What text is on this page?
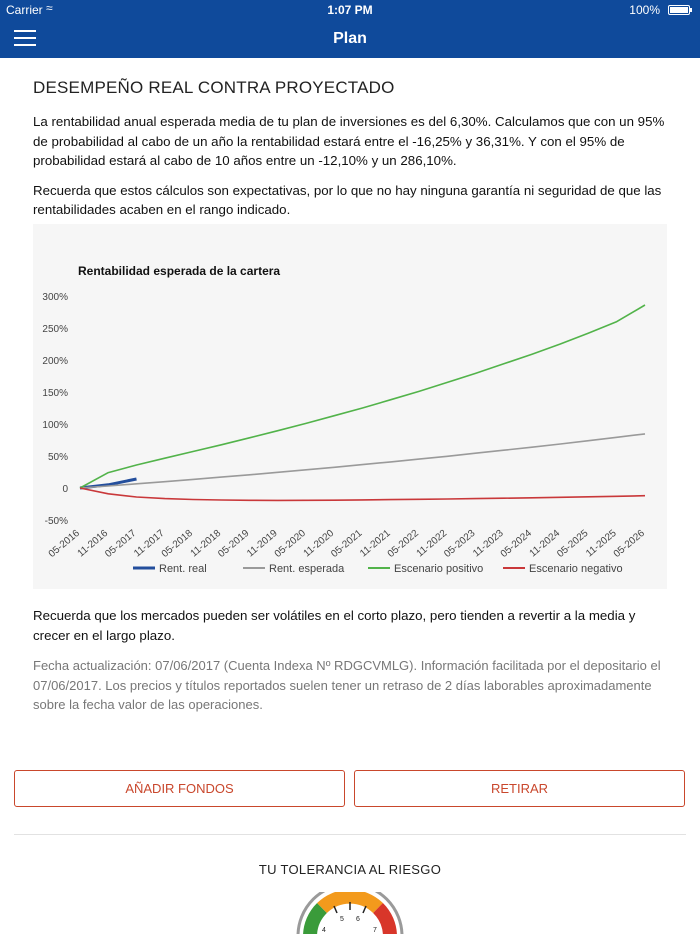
Carrier ≈	1:07 PM	100%
Plan
DESEMPEÑO REAL CONTRA PROYECTADO

La rentabilidad anual esperada media de tu plan de inversiones es del 6,30%. Calculamos que con un 95% de probabilidad al cabo de un año la rentabilidad estará entre el -16,25% y 36,31%. Y con el 95% de probabilidad estará al cabo de 10 años entre un -12,10% y un 286,10%.

Recuerda que estos cálculos son expectativas, por lo que no hay ninguna garantía ni seguridad de que las rentabilidades acaben en el rango indicado.

Rentabilidad esperada de la cartera
-50%
0
50%
100%
150%
200%
250%
300%
05-2016
11-2016
05-2017
11-2017
05-2018
11-2018
05-2019
11-2019
05-2020
11-2020
05-2021
11-2021
05-2022
11-2022
05-2023
11-2023
05-2024
11-2024
05-2025
11-2025
05-2026
Rent. real	Rent. esperada	Escenario positivo	Escenario negativo
Recuerda que los mercados pueden ser volátiles en el corto plazo, pero tienden a revertir a la media y crecer en el largo plazo.
Fecha actualización: 07/06/2017 (Cuenta Indexa Nº RDGCVMLG). Información facilitada por el depositario el 07/06/2017. Los precios y títulos reportados suelen tener un retraso de 2 días laborables aproximadamente sobre la fecha valor de las operaciones.
AÑADIR FONDOS	RETIRAR
TU TOLERANCIA AL RIESGO
4
5 6
7
